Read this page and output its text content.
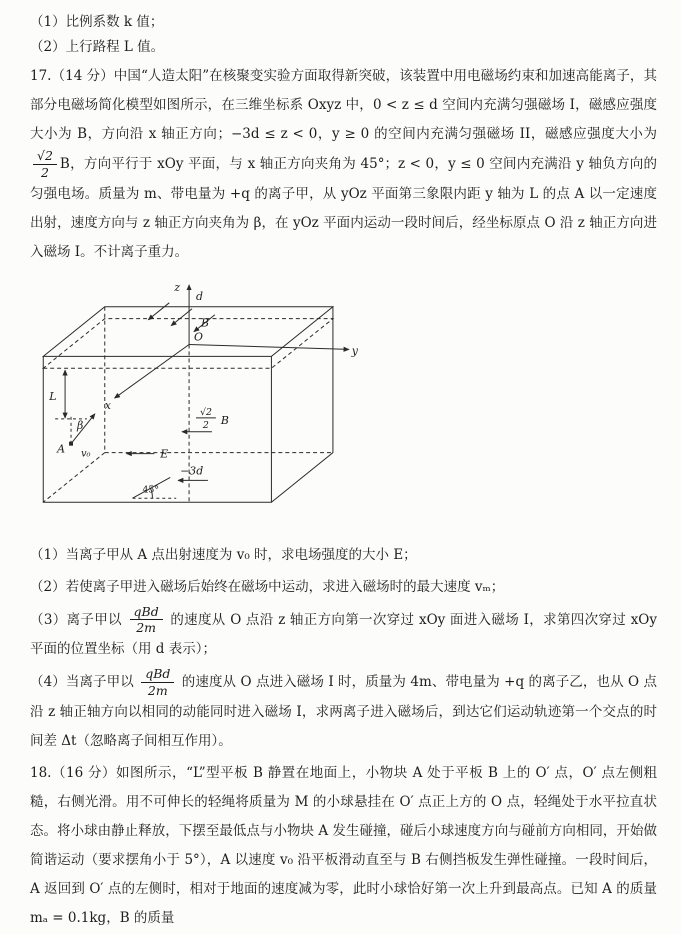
（1）比例系数 k 值；

（2）上行路程 L 值。

17.（14 分）中国“人造太阳”在核聚变实验方面取得新突破，该装置中用电磁场约束和加速高能离子，其部分电磁场简化模型如图所示，在三维坐标系 Oxyz 中，0 < z ≤ d 空间内充满匀强磁场 I，磁感应强度大小为 B，方向沿 x 轴正方向；−3d ≤ z < 0，y ≥ 0 的空间内充满匀强磁场 II，磁感应强度大小为
$\frac{√2}{2}$ B，方向平行于 xOy 平面，与 x 轴正方向夹角为 45°；z < 0，y ≤ 0 空间内充满沿 y 轴负方向的匀强电场。质量为 m、带电量为 +q 的离子甲，从 yOz 平面第三象限内距 y 轴为 L 的点 A 以一定速度出射，速度方向与 z 轴正方向夹角为 β，在 yOz 平面内运动一段时间后，经坐标原点 O 沿 z 轴正方向进入磁场 I。不计离子重力。

z
y
x
O
d
B
L
β
A v₀	E
√2
2 B
−3d
45°

（1）当离子甲从 A 点出射速度为 v₀ 时，求电场强度的大小 E；

（2）若使离子甲进入磁场后始终在磁场中运动，求进入磁场时的最大速度 vₘ；

（3）离子甲以 $\frac{\text{qBd}}{2m}$ 的速度从 O 点沿 z 轴正方向第一次穿过 xOy 面进入磁场 I，求第四次穿过 xOy 平面的位置坐标（用 d 表示）；

（4）当离子甲以 $\frac{\text{qBd}}{2m}$ 的速度从 O 点进入磁场 I 时，质量为 4m、带电量为 +q 的离子乙，也从 O 点沿 z 轴正轴方向以相同的动能同时进入磁场 I，求两离子进入磁场后，到达它们运动轨迹第一个交点的时间差 Δt（忽略离子间相互作用）。

18.（16 分）如图所示，“L”型平板 B 静置在地面上，小物块 A 处于平板 B 上的 O′ 点，O′ 点左侧粗糙，右侧光滑。用不可伸长的轻绳将质量为 M 的小球悬挂在 O′ 点正上方的 O 点，轻绳处于水平拉直状态。将小球由静止释放，下摆至最低点与小物块 A 发生碰撞，碰后小球速度方向与碰前方向相同，开始做简谐运动（要求摆角小于 5°），A 以速度 v₀ 沿平板滑动直至与 B 右侧挡板发生弹性碰撞。一段时间后，A 返回到 O′ 点的左侧时，相对于地面的速度减为零，此时小球恰好第一次上升到最高点。已知 A 的质量 mₐ = 0.1kg，B 的质量
